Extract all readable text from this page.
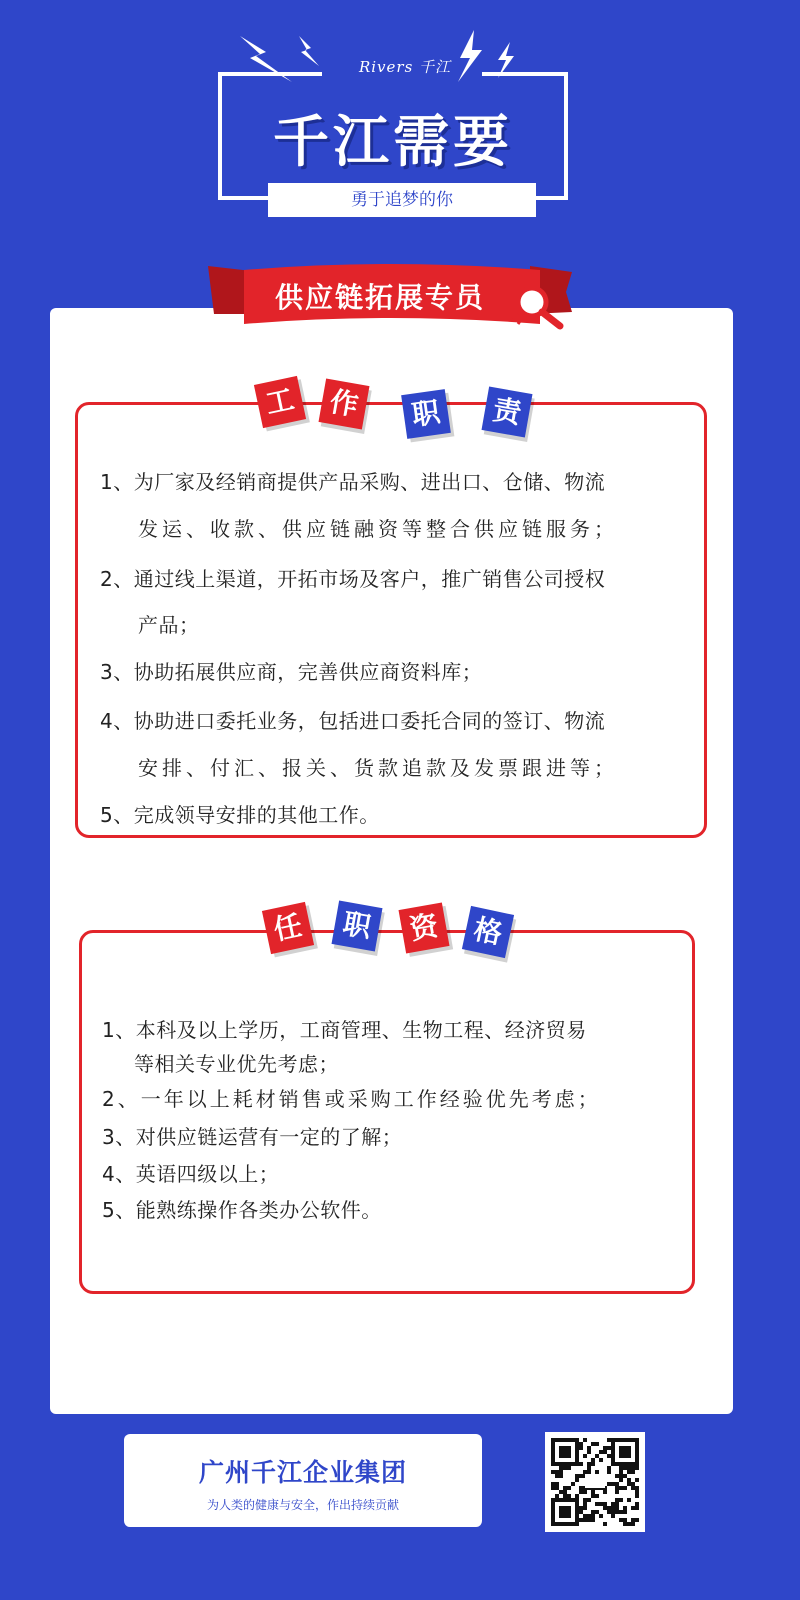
Rivers 千江
千江需要
勇于追梦的你
供应链拓展专员
工	作	职	责
1、为厂家及经销商提供产品采购、进出口、仓储、物流
发运、收款、供应链融资等整合供应链服务；
2、通过线上渠道，开拓市场及客户，推广销售公司授权
产品；
3、协助拓展供应商，完善供应商资料库；
4、协助进口委托业务，包括进口委托合同的签订、物流
安排、付汇、报关、货款追款及发票跟进等；
5、完成领导安排的其他工作。
任	职	资	格
1、本科及以上学历，工商管理、生物工程、经济贸易
等相关专业优先考虑；
2、一年以上耗材销售或采购工作经验优先考虑；
3、对供应链运营有一定的了解；
4、英语四级以上；
5、能熟练操作各类办公软件。
广州千江企业集团
为人类的健康与安全，作出持续贡献
